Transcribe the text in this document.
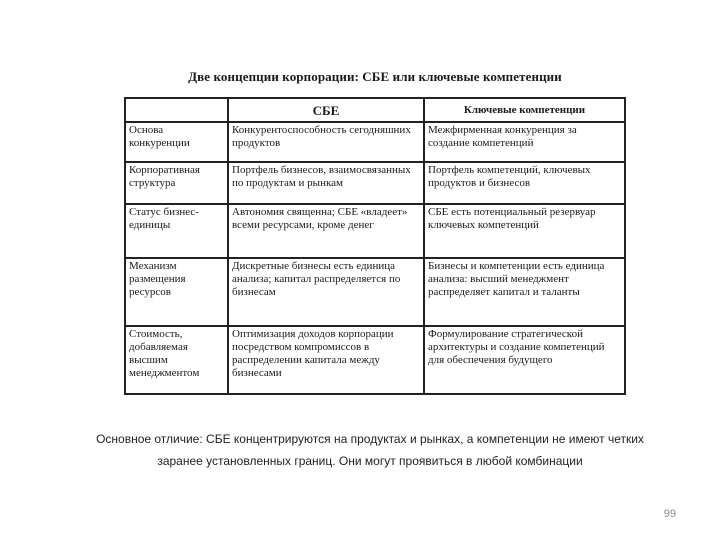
Две концепции корпорации: СБЕ или ключевые компетенции
	СБЕ	Ключевые компетенции
Основа конкуренции	Конкурентоспособность сегодняшних продуктов	Межфирменная конкуренция за создание компетенций
Корпоративная структура	Портфель бизнесов, взаимосвязанных по продуктам и рынкам	Портфель компетенций, ключевых продуктов и бизнесов
Статус бизнес-единицы	Автономия священна; СБЕ «владеет» всеми ресурсами, кроме денег	СБЕ есть потенциальный резервуар ключевых компетенций
Механизм размещения ресурсов	Дискретные бизнесы есть единица анализа; капитал распределяется по бизнесам	Бизнесы и компетенции есть единица анализа: высший менеджмент распределяет капитал и таланты
Стоимость, добавляемая высшим менеджментом	Оптимизация доходов корпорации посредством компромиссов в распределении капитала между бизнесами	Формулирование стратегической архитектуры и создание компетенций для обеспечения будущего
Основное отличие: СБЕ концентрируются на продуктах и рынках, а компетенции не имеют четких
заранее установленных границ. Они могут проявиться в любой комбинации
99
